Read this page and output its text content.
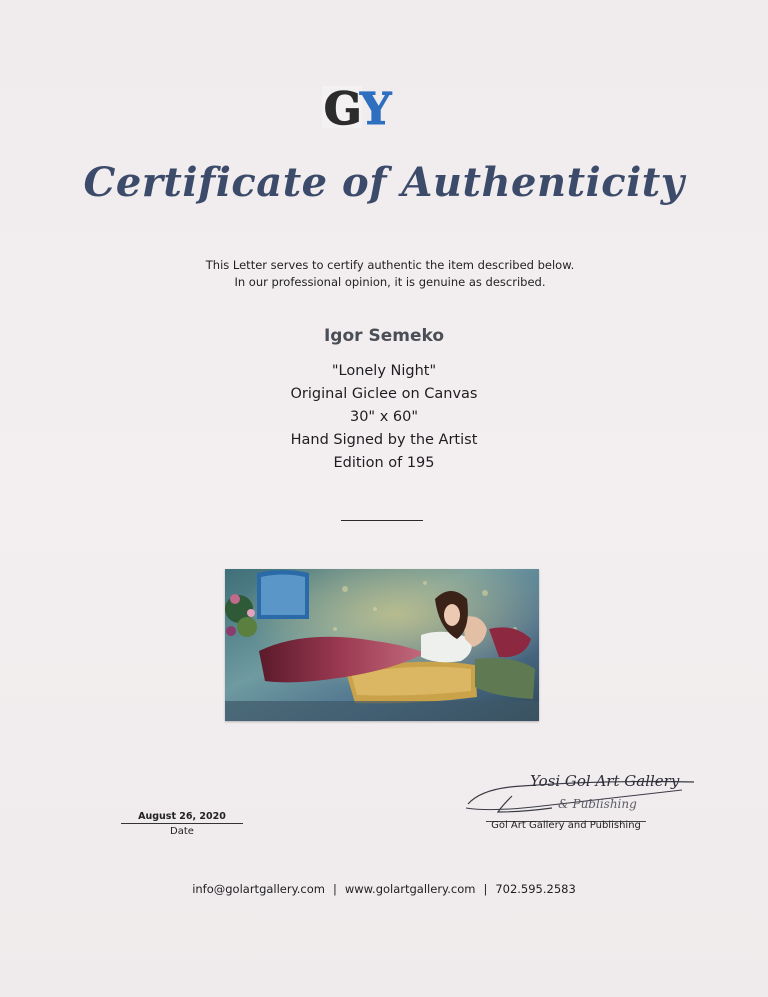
G
Y
Certificate of Authenticity
This Letter serves to certify authentic the item described below.
In our professional opinion, it is genuine as described.
Igor Semeko
"Lonely Night"
Original Giclee on Canvas
30" x 60"
Hand Signed by the Artist
Edition of 195
August 26, 2020
Date
Yosi Gol Art Gallery
& Publishing
Gol Art Gallery and Publishing
info@golartgallery.com | www.golartgallery.com | 702.595.2583
